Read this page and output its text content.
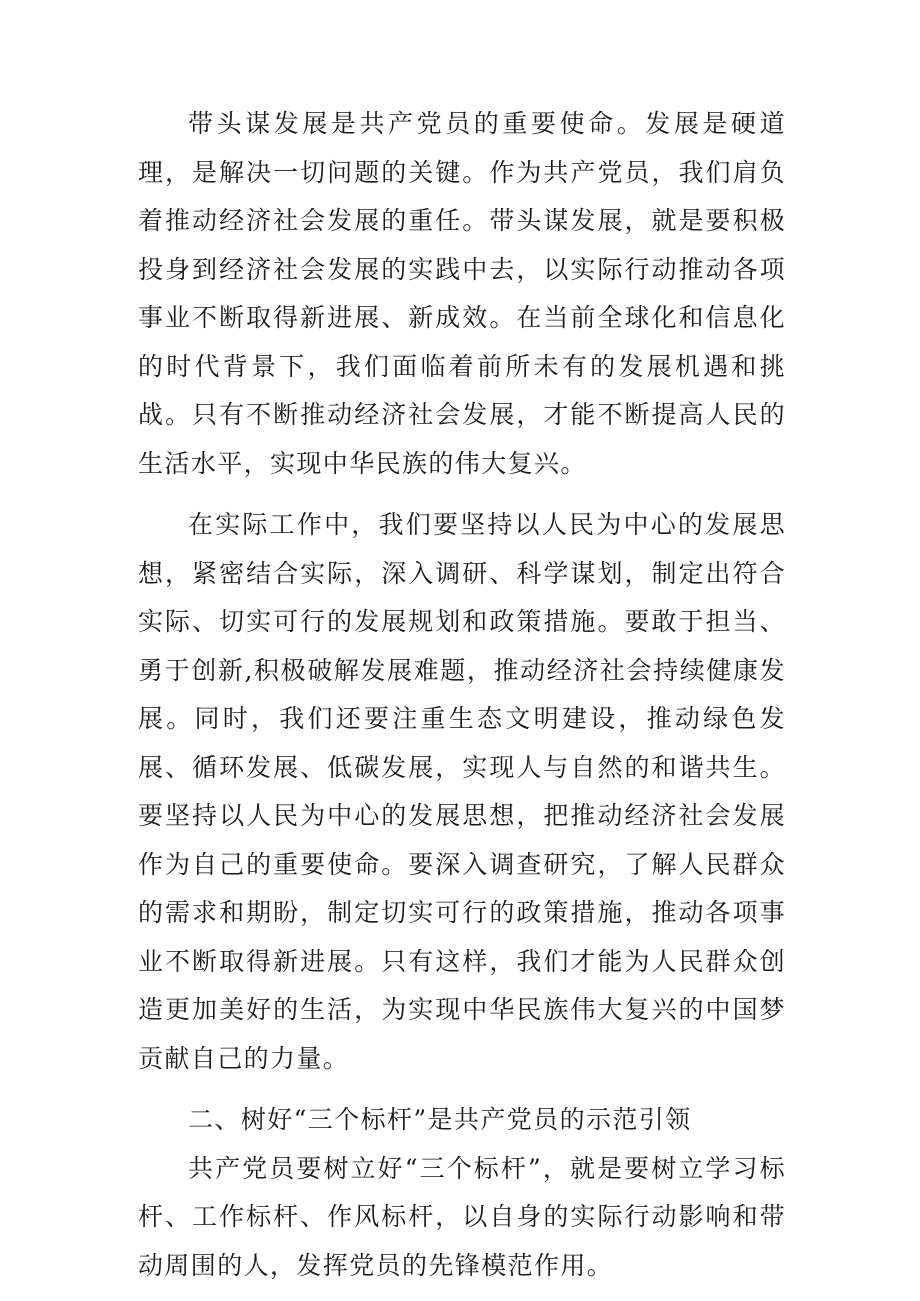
带头谋发展是共产党员的重要使命。发展是硬道理，是解决一切问题的关键。作为共产党员，我们肩负着推动经济社会发展的重任。带头谋发展，就是要积极投身到经济社会发展的实践中去，以实际行动推动各项事业不断取得新进展、新成效。在当前全球化和信息化的时代背景下，我们面临着前所未有的发展机遇和挑战。只有不断推动经济社会发展，才能不断提高人民的生活水平，实现中华民族的伟大复兴。

在实际工作中，我们要坚持以人民为中心的发展思想，紧密结合实际，深入调研、科学谋划，制定出符合实际、切实可行的发展规划和政策措施。要敢于担当、勇于创新,积极破解发展难题，推动经济社会持续健康发展。同时，我们还要注重生态文明建设，推动绿色发展、循环发展、低碳发展，实现人与自然的和谐共生。要坚持以人民为中心的发展思想，把推动经济社会发展作为自己的重要使命。要深入调查研究，了解人民群众的需求和期盼，制定切实可行的政策措施，推动各项事业不断取得新进展。只有这样，我们才能为人民群众创造更加美好的生活，为实现中华民族伟大复兴的中国梦贡献自己的力量。

二、树好“三个标杆”是共产党员的示范引领

共产党员要树立好“三个标杆”，就是要树立学习标杆、工作标杆、作风标杆，以自身的实际行动影响和带动周围的人，发挥党员的先锋模范作用。
